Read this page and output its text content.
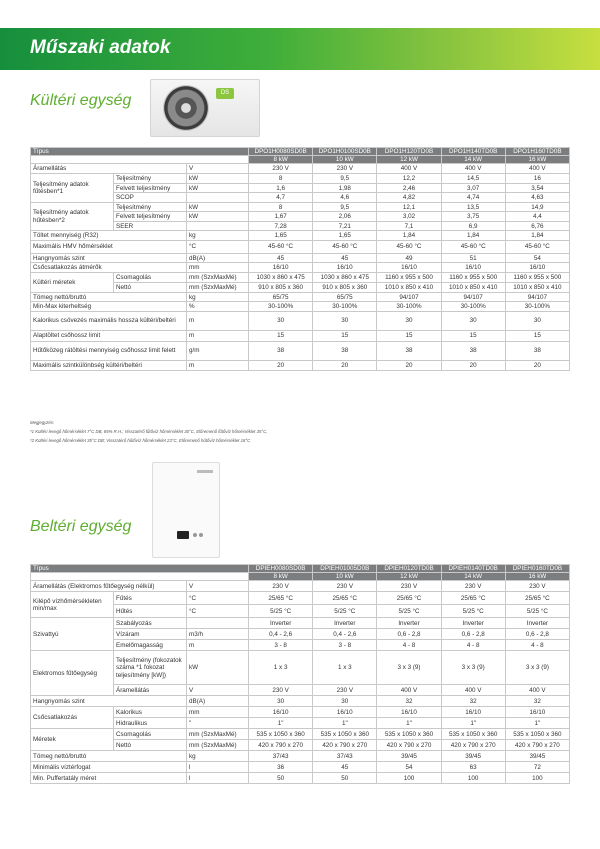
Műszaki adatok
Kültéri egység	DS
Típus			DPO1H0080SD0B	DPO1H0100SD0B	DPO1H120TD0B	DPO1H140TD0B	DPO1H160TD0B
			8 kW	10 kW	12 kW	14 kW	16 kW
Áramellátás		V	230 V	230 V	400 V	400 V	400 V
Teljesítmény adatok fűtésben*1	Teljesítmény	kW	8	9,5	12,2	14,5	16
	Felvett teljesítmény	kW	1,6	1,98	2,46	3,07	3,54
	SCOP		4,7	4,6	4,82	4,74	4,63
Teljesítmény adatok hűtésben*2	Teljesítmény	kW	8	9,5	12,1	13,5	14,9
	Felvett teljesítmény	kW	1,67	2,06	3,02	3,75	4,4
	SEER		7,28	7,21	7,1	6,9	6,76
Töltet mennyiség (R32)		kg	1,65	1,65	1,84	1,84	1,84
Maximális HMV hőmérséklet		°C	45-60 °C	45-60 °C	45-60 °C	45-60 °C	45-60 °C
Hangnyomás szint		dB(A)	45	45	49	51	54
Csőcsatlakozás átmérők		mm	16/10	16/10	16/10	16/10	16/10
Kültéri méretek	Csomagolás	mm (SzxMaxMé)	1030 x 860 x 475	1030 x 860 x 475	1160 x 955 x 500	1160 x 955 x 500	1160 x 955 x 500
	Nettó	mm (SzxMaxMé)	910 x 805 x 360	910 x 805 x 360	1010 x 850 x 410	1010 x 850 x 410	1010 x 850 x 410
Tömeg nettó/bruttó		kg	65/75	65/75	94/107	94/107	94/107
Min-Max kiterheltség		%	30-100%	30-100%	30-100%	30-100%	30-100%
Kalorikus csövezés maximális hossza kültéri/beltéri		m	30	30	30	30	30
Alaptöltet csőhossz limit		m	15	15	15	15	15
Hűtőközeg rátöltési mennyiség csőhossz limit felett		g/m	38	38	38	38	38
Maximális szintkülönbség kültéri/beltéri		m	20	20	20	20	20
Megjegyzés:
*1 Kültéri levegő hőmérséklet 7°C DB, 85% R.H.; Visszatérő fűtővíz hőmérséklet 30°C, Előremenő fűtővíz hőmérséklet 35°C,
*2 Kültéri levegő hőmérséklet 35°C DB; Visszatérő hűtővíz hőmérséklet 23°C, Előremenő hűtővíz hőmérséklet 18°C
Beltéri egység
Típus			DPIEH0080SD0B	DPIEH01005D0B	DPIEH0120TD0B	DPIEH0140TD0B	DPIEH0160TD0B
			8 kW	10 kW	12 kW	14 kW	16 kW
Áramellátás (Elektromos fűtőegység nélkül)		V	230 V	230 V	230 V	230 V	230 V
Kilépő vízhőmérsékleten min/max	Fűtés	°C	25/65 °C	25/65 °C	25/65 °C	25/65 °C	25/65 °C
	Hűtés	°C	5/25 °C	5/25 °C	5/25 °C	5/25 °C	5/25 °C
Szivattyú	Szabályozás		Inverter	Inverter	Inverter	Inverter	Inverter
	Vízáram	m3/h	0,4 - 2,6	0,4 - 2,6	0,6 - 2,8	0,6 - 2,8	0,6 - 2,8
	Emelőmagasság	m	3 - 8	3 - 8	4 - 8	4 - 8	4 - 8
Elektromos fűtőegység	Teljesítmény (fokozatok száma *1 fokozat teljesítmény [kW])	kW	1 x 3	1 x 3	3 x 3 (9)	3 x 3 (9)	3 x 3 (9)
	Áramellátás	V	230 V	230 V	400 V	400 V	400 V
Hangnyomás szint		dB(A)	30	30	32	32	32
Csőcsatlakozás	Kalorikus	mm	16/10	16/10	16/10	16/10	16/10
	Hidraulikus	"	1"	1"	1"	1"	1"
Méretek	Csomagolás	mm (SzxMaxMé)	535 x 1050 x 360	535 x 1050 x 360	535 x 1050 x 360	535 x 1050 x 360	535 x 1050 x 360
	Nettó	mm (SzxMaxMé)	420 x 790 x 270	420 x 790 x 270	420 x 790 x 270	420 x 790 x 270	420 x 790 x 270
Tömeg nettó/bruttó		kg	37/43	37/43	39/45	39/45	39/45
Minimális víztérfogat		l	36	45	54	63	72
Min. Puffertatály méret		l	50	50	100	100	100
